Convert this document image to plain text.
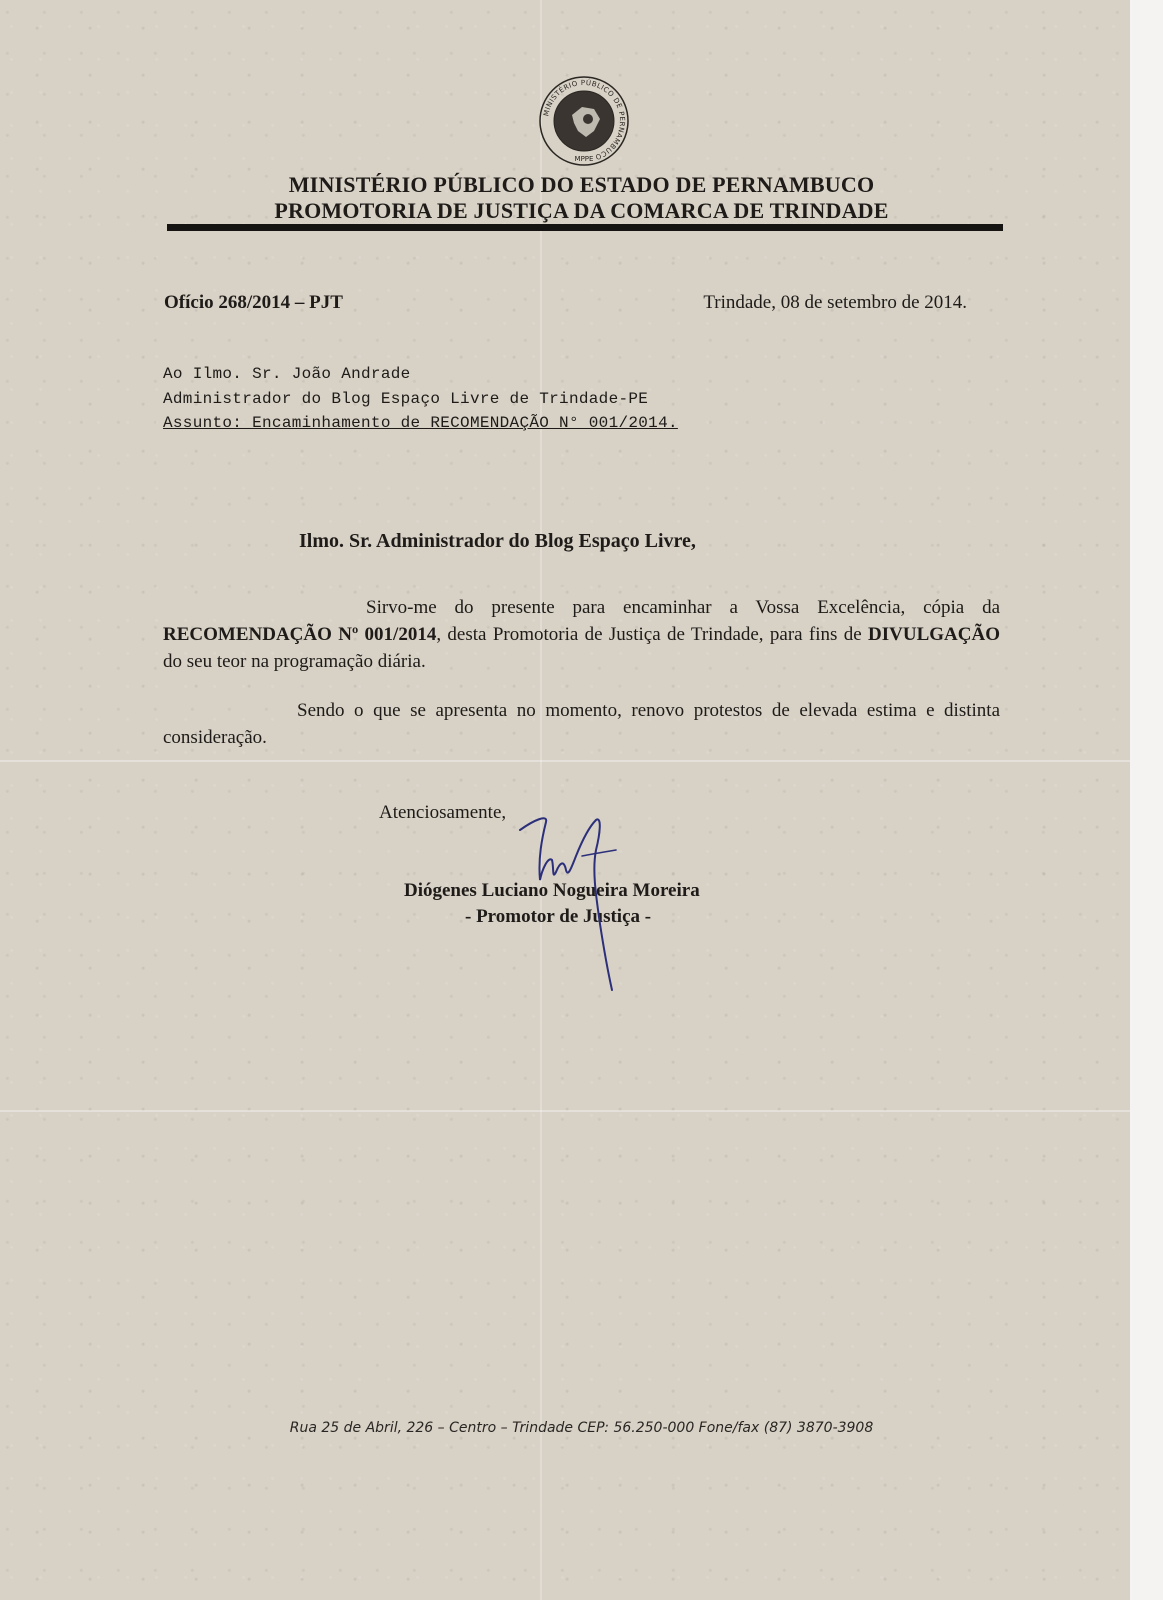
MINISTÉRIO PÚBLICO DE PERNAMBUCO
MPPE
MINISTÉRIO PÚBLICO DO ESTADO DE PERNAMBUCO
PROMOTORIA DE JUSTIÇA DA COMARCA DE TRINDADE
Ofício 268/2014 – PJT	Trindade, 08 de setembro de 2014.
Ao Ilmo. Sr. João Andrade
Administrador do Blog Espaço Livre de Trindade-PE
Assunto: Encaminhamento de RECOMENDAÇÃO N° 001/2014.
Ilmo. Sr. Administrador do Blog Espaço Livre,

Sirvo-me do presente para encaminhar a Vossa Excelência, cópia da RECOMENDAÇÃO Nº 001/2014, desta Promotoria de Justiça de Trindade, para fins de DIVULGAÇÃO do seu teor na programação diária.

Sendo o que se apresenta no momento, renovo protestos de elevada estima e distinta consideração.

Atenciosamente,
Diógenes Luciano Nogueira Moreira
- Promotor de Justiça -
Rua 25 de Abril, 226 – Centro – Trindade CEP: 56.250-000 Fone/fax (87) 3870-3908
